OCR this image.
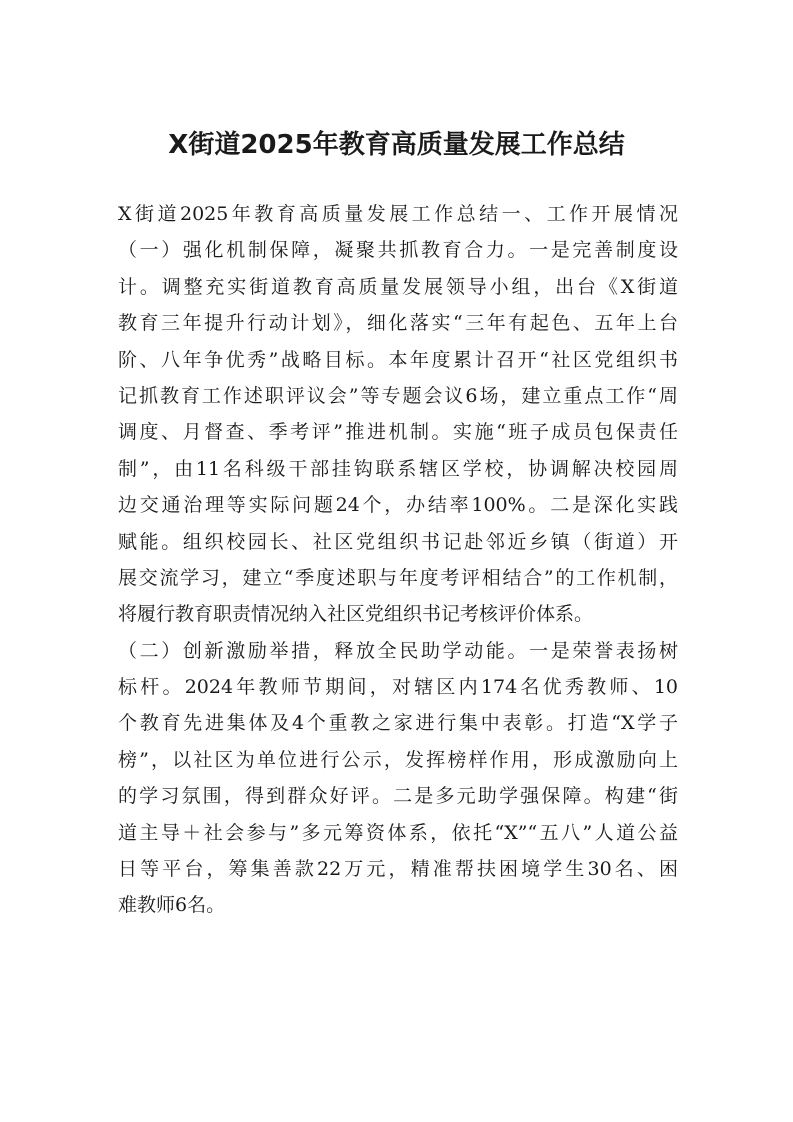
X街道2025年教育高质量发展工作总结
X街道2025年教育高质量发展工作总结一、工作开展情况
（一）强化机制保障，凝聚共抓教育合力。一是完善制度设
计。调整充实街道教育高质量发展领导小组，出台《X街道
教育三年提升行动计划》，细化落实“三年有起色、五年上台
阶、八年争优秀”战略目标。本年度累计召开“社区党组织书
记抓教育工作述职评议会”等专题会议6场，建立重点工作“周
调度、月督查、季考评”推进机制。实施“班子成员包保责任
制”，由11名科级干部挂钩联系辖区学校，协调解决校园周
边交通治理等实际问题24个，办结率100%。二是深化实践
赋能。组织校园长、社区党组织书记赴邻近乡镇（街道）开
展交流学习，建立“季度述职与年度考评相结合”的工作机制，
将履行教育职责情况纳入社区党组织书记考核评价体系。
（二）创新激励举措，释放全民助学动能。一是荣誉表扬树
标杆。2024年教师节期间，对辖区内174名优秀教师、10
个教育先进集体及4个重教之家进行集中表彰。打造“X学子
榜”，以社区为单位进行公示，发挥榜样作用，形成激励向上
的学习氛围，得到群众好评。二是多元助学强保障。构建“街
道主导＋社会参与”多元筹资体系，依托“X”“五八”人道公益
日等平台，筹集善款22万元，精准帮扶困境学生30名、困
难教师6名。
